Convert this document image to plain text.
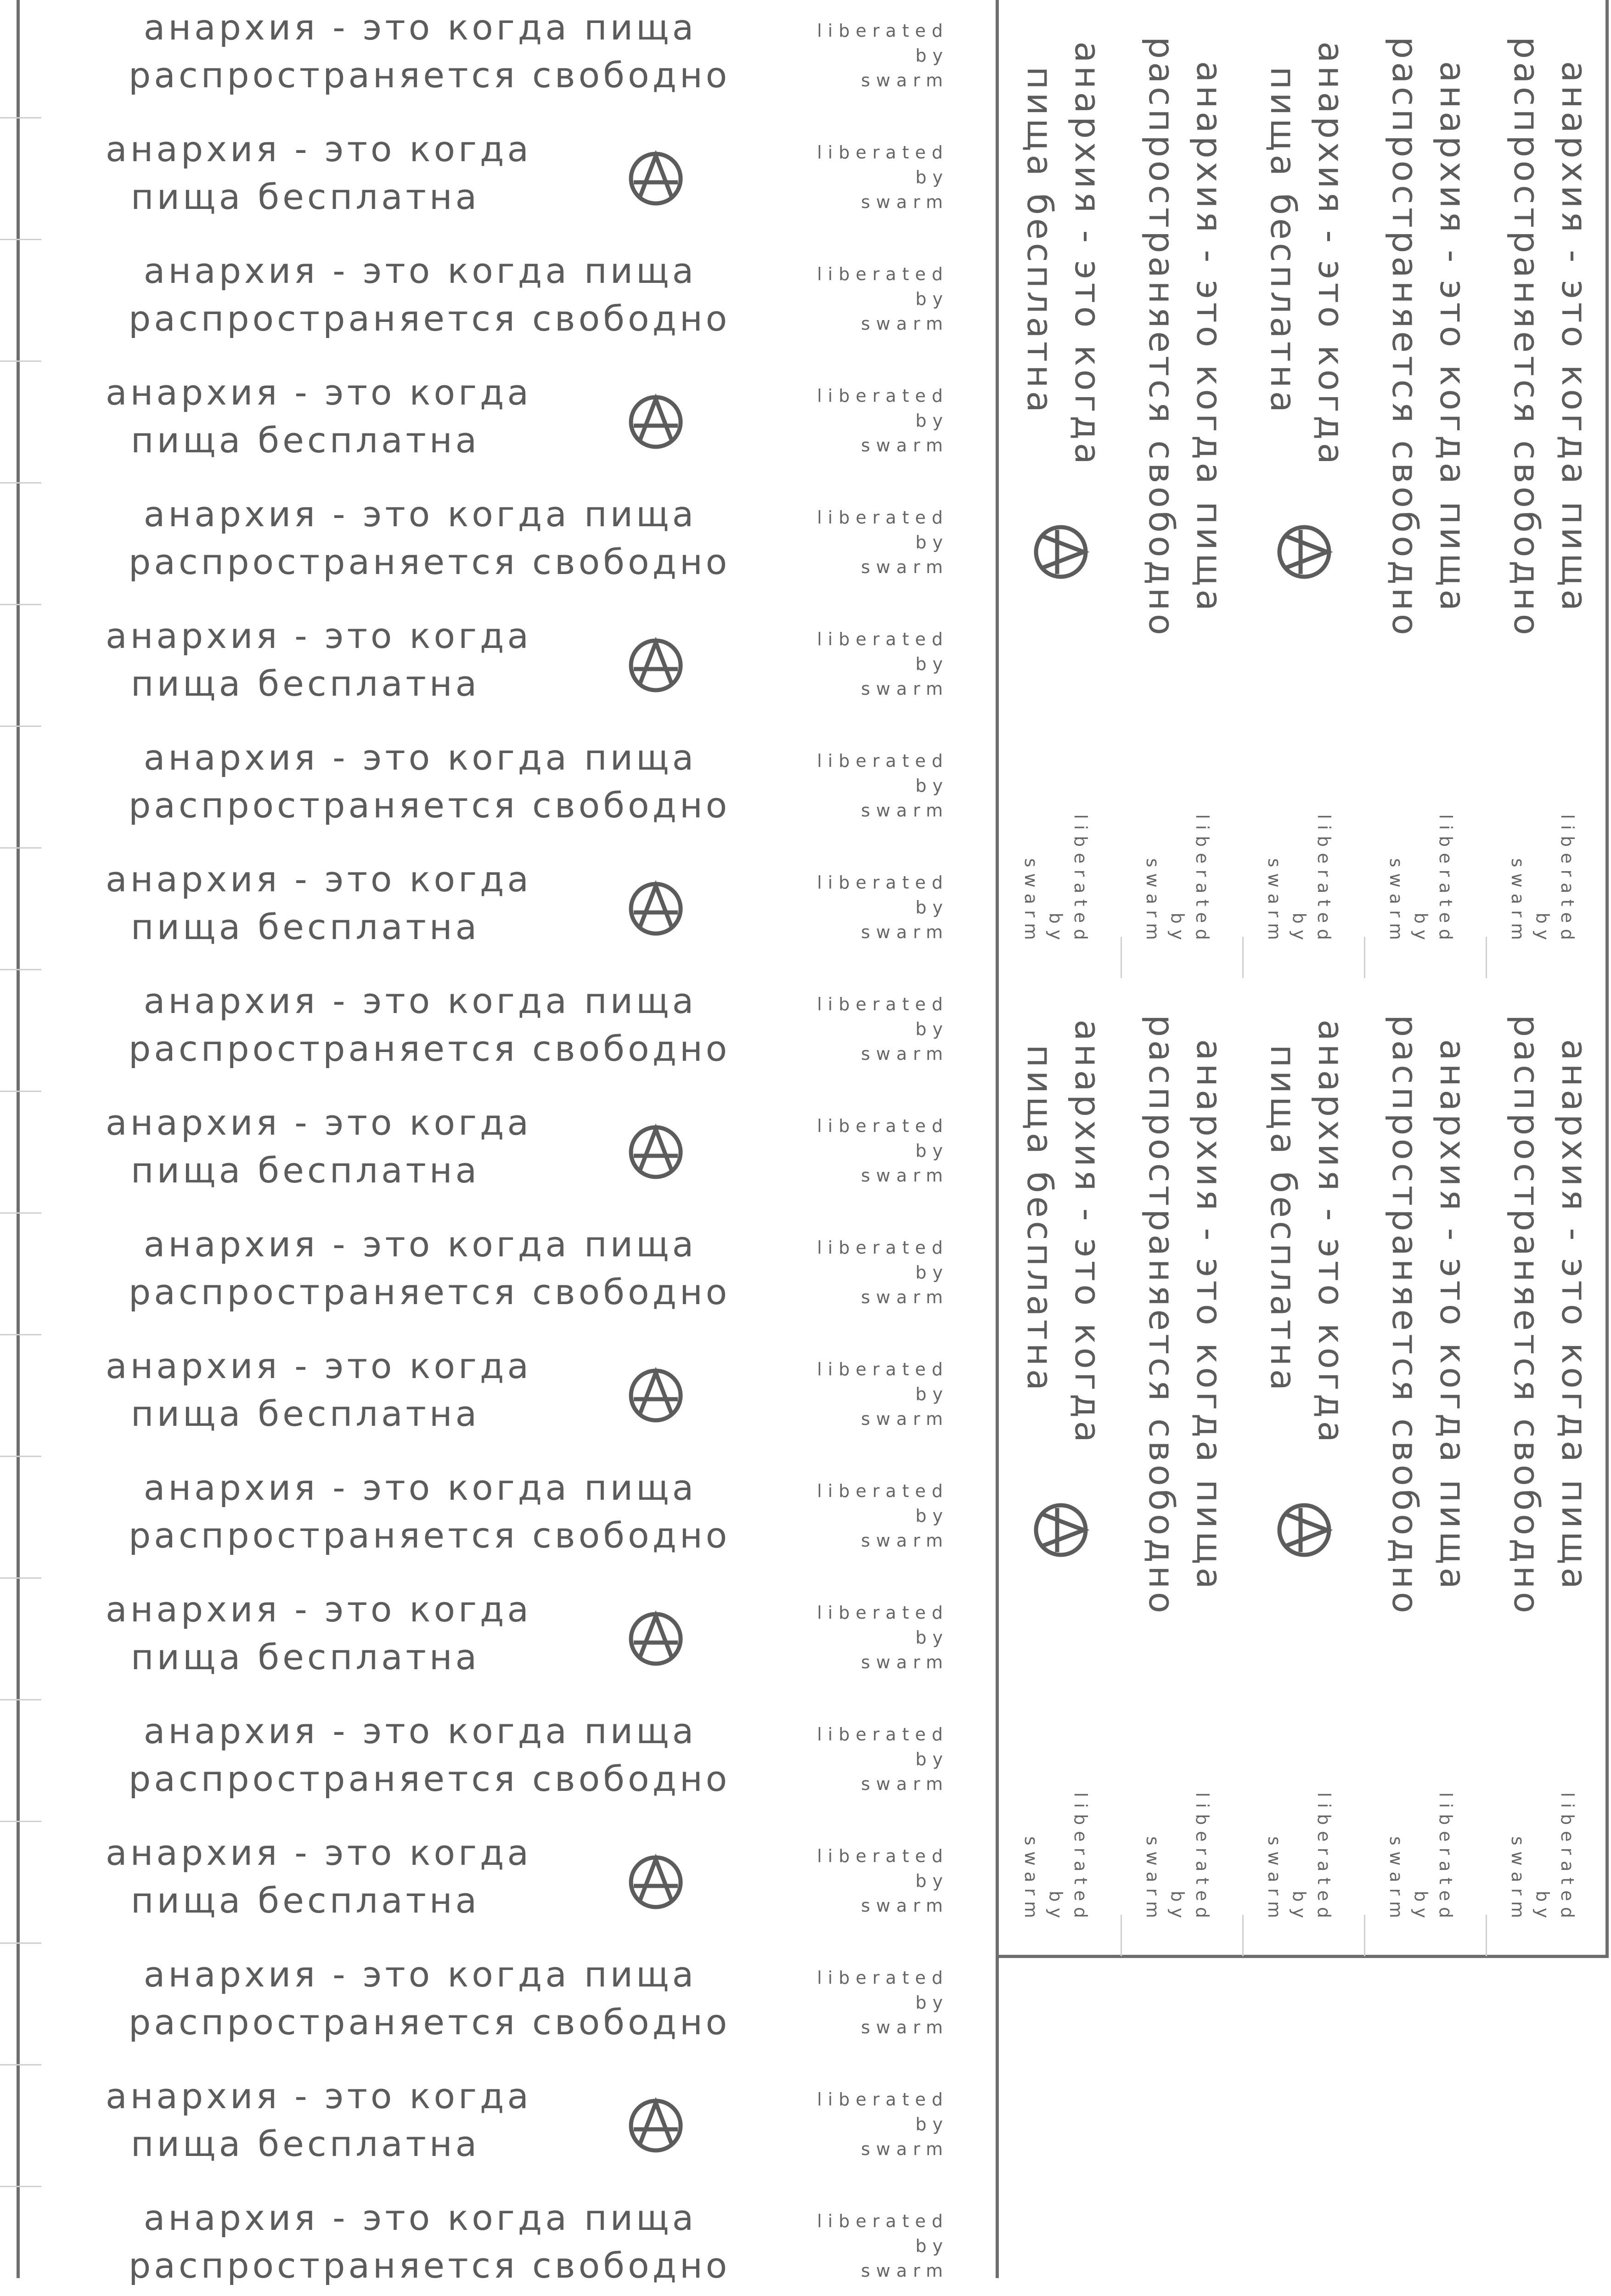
анархия - это когда пища
распространяется свободно
liberated
by
swarm
анархия - это когда
пища бесплатна
liberated
by
swarm
анархия - это когда пища
распространяется свободно
liberated
by
swarm
анархия - это когда
пища бесплатна
liberated
by
swarm
анархия - это когда пища
распространяется свободно
liberated
by
swarm
анархия - это когда
пища бесплатна
liberated
by
swarm
анархия - это когда пища
распространяется свободно
liberated
by
swarm
анархия - это когда
пища бесплатна
liberated
by
swarm
анархия - это когда пища
распространяется свободно
liberated
by
swarm
анархия - это когда
пища бесплатна
liberated
by
swarm
анархия - это когда пища
распространяется свободно
liberated
by
swarm
анархия - это когда
пища бесплатна
liberated
by
swarm
анархия - это когда пища
распространяется свободно
liberated
by
swarm
анархия - это когда
пища бесплатна
liberated
by
swarm
анархия - это когда пища
распространяется свободно
liberated
by
swarm
анархия - это когда
пища бесплатна
liberated
by
swarm
анархия - это когда пища
распространяется свободно
liberated
by
swarm
анархия - это когда
пища бесплатна
liberated
by
swarm
анархия - это когда пища
распространяется свободно
liberated
by
swarm
анархия - это когда
пища бесплатна
liberated
by
swarm
анархия - это когда пища
распространяется свободно
liberated
by
swarm
анархия - это когда
пища бесплатна
liberated
by
swarm
анархия - это когда пища
распространяется свободно
liberated
by
swarm
анархия - это когда пища
распространяется свободно
liberated
by
swarm
анархия - это когда
пища бесплатна
liberated
by
swarm
анархия - это когда пища
распространяется свободно
liberated
by
swarm
анархия - это когда
пища бесплатна
liberated
by
swarm
анархия - это когда пища
распространяется свободно
liberated
by
swarm
анархия - это когда пища
распространяется свободно
liberated
by
swarm
